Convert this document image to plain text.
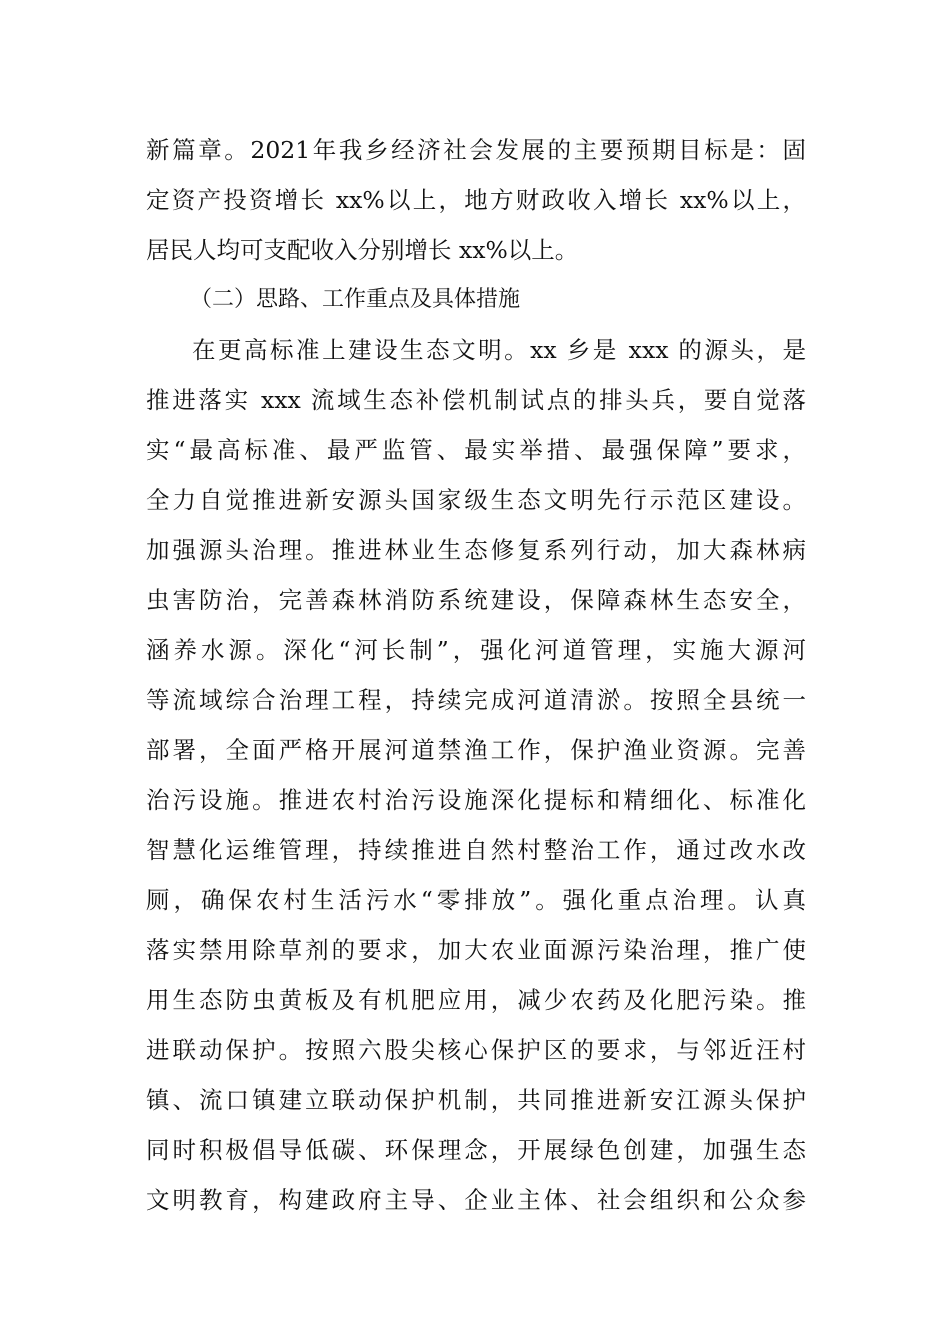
新篇章。2021年我乡经济社会发展的主要预期目标是：固
定资产投资增长 xx%以上，地方财政收入增长 xx%以上，
居民人均可支配收入分别增长 xx%以上。
（二）思路、工作重点及具体措施
在更高标准上建设生态文明。xx 乡是 xxx 的源头，是
推进落实 xxx 流域生态补偿机制试点的排头兵，要自觉落
实“最高标准、最严监管、最实举措、最强保障”要求，
全力自觉推进新安源头国家级生态文明先行示范区建设。
加强源头治理。推进林业生态修复系列行动，加大森林病
虫害防治，完善森林消防系统建设，保障森林生态安全，
涵养水源。深化“河长制”，强化河道管理，实施大源河
等流域综合治理工程，持续完成河道清淤。按照全县统一
部署，全面严格开展河道禁渔工作，保护渔业资源。完善
治污设施。推进农村治污设施深化提标和精细化、标准化
智慧化运维管理，持续推进自然村整治工作，通过改水改
厕，确保农村生活污水“零排放”。强化重点治理。认真
落实禁用除草剂的要求，加大农业面源污染治理，推广使
用生态防虫黄板及有机肥应用，减少农药及化肥污染。推
进联动保护。按照六股尖核心保护区的要求，与邻近汪村
镇、流口镇建立联动保护机制，共同推进新安江源头保护
同时积极倡导低碳、环保理念，开展绿色创建，加强生态
文明教育，构建政府主导、企业主体、社会组织和公众参
